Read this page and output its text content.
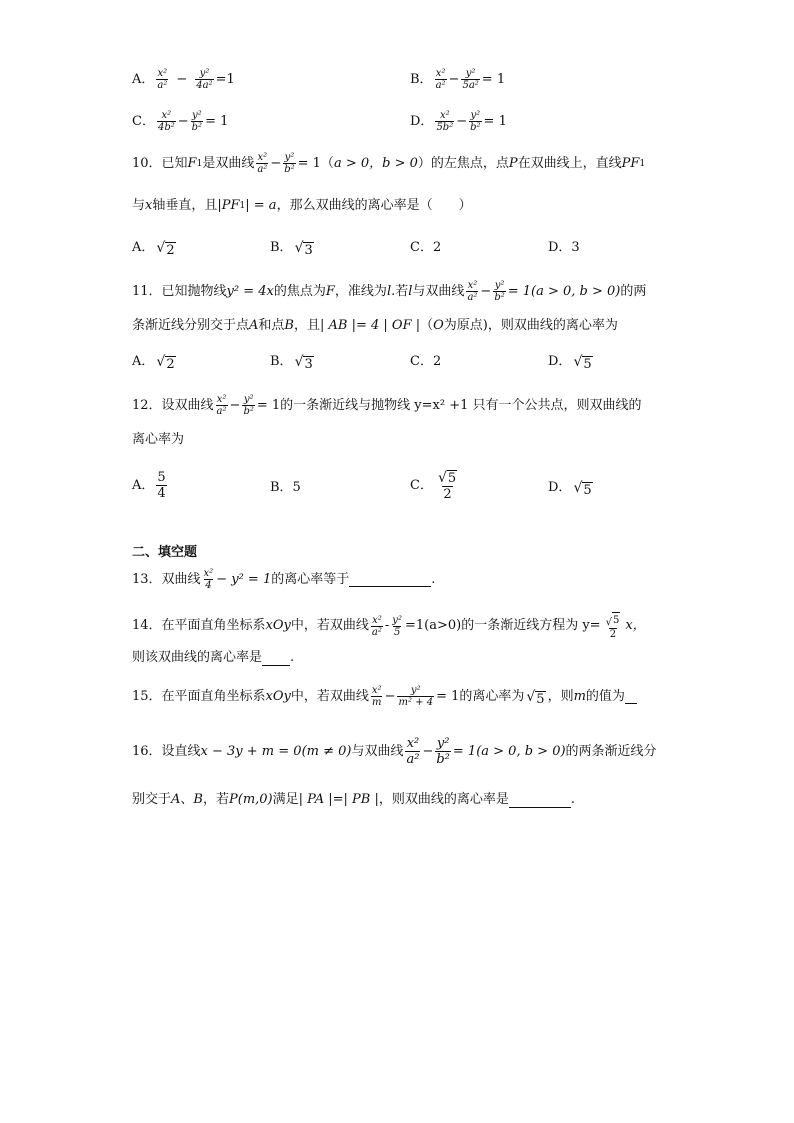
A． $\frac{\text{x²}}{\text{a²}} - \frac{\text{y²}}{\text{4a²}} =1$	B． $\frac{\text{x²}}{\text{a²}} - \frac{\text{y²}}{\text{5a²}} = 1$
C． $\frac{\text{x²}}{\text{4b²}} - \frac{\text{y²}}{\text{b²}} = 1$	D． $\frac{\text{x²}}{\text{5b²}} - \frac{\text{y²}}{\text{b²}} = 1$
10．已知 F 1 是双曲线 $\frac{\text{x²}}{\text{a²}} - \frac{\text{y²}}{\text{b²}} = 1$（ a > 0，b > 0 ）的左焦点，点 P 在双曲线上，直线 PF 1
与 x 轴垂直，且 |PF 1 | = a ，那么双曲线的离心率是（　　）
A． √ 2	B． √ 3	C．2	D．3
11．已知抛物线 y² = 4x 的焦点为 F ，准线为 l .若 l 与双曲线 $\frac{\text{x²}}{\text{a²}} - \frac{\text{y²}}{\text{b²}} = 1(a > 0$, b > 0) 的两
条渐近线分别交于点 A 和点 B ，且 | AB |= 4 | OF | （ O 为原点)，则双曲线的离心率为
A． √ 2	B． √ 3	C．2	D． √ 5
12．设双曲线 $\frac{\text{x²}}{\text{a²}} - \frac{\text{y²}}{\text{b²}} = 1$ 的一条渐近线与抛物线 y=x² +1 只有一个公共点，则双曲线的
离心率为
A． $\frac{5}{4}$	B．5	C． $\frac{√ 5}{2}$	D． √ 5
二、填空题
13．双曲线 $\frac{\text{x²}}{4} - y^2 = 1$ 的离心率等于	.
14．在平面直角坐标系 xOy 中，若双曲线 $\frac{\text{x²}}{\text{a²}} - \frac{\text{y²}}{5} =1(a>0)$ 的一条渐近线方程为 $y= \frac{√ 5}{2}$ x，
则该双曲线的离心率是 .
15．在平面直角坐标系 xOy 中，若双曲线 $\frac{\text{x²}}{m} - \frac{\text{y²}}{\text{m² + 4}} = 1$ 的离心率为 √ 5 ，则 m 的值为
16．设直线 x − 3y + m = 0(m ≠ 0) 与双曲线 $\frac{\text{x²}}{\text{a²}} - \frac{\text{y²}}{\text{b²}} = 1(a > 0$, b > 0) 的两条渐近线分
别交于 A 、 B ，若 P(m,0) 满足 | PA |=| PB | ，则双曲线的离心率是	.
